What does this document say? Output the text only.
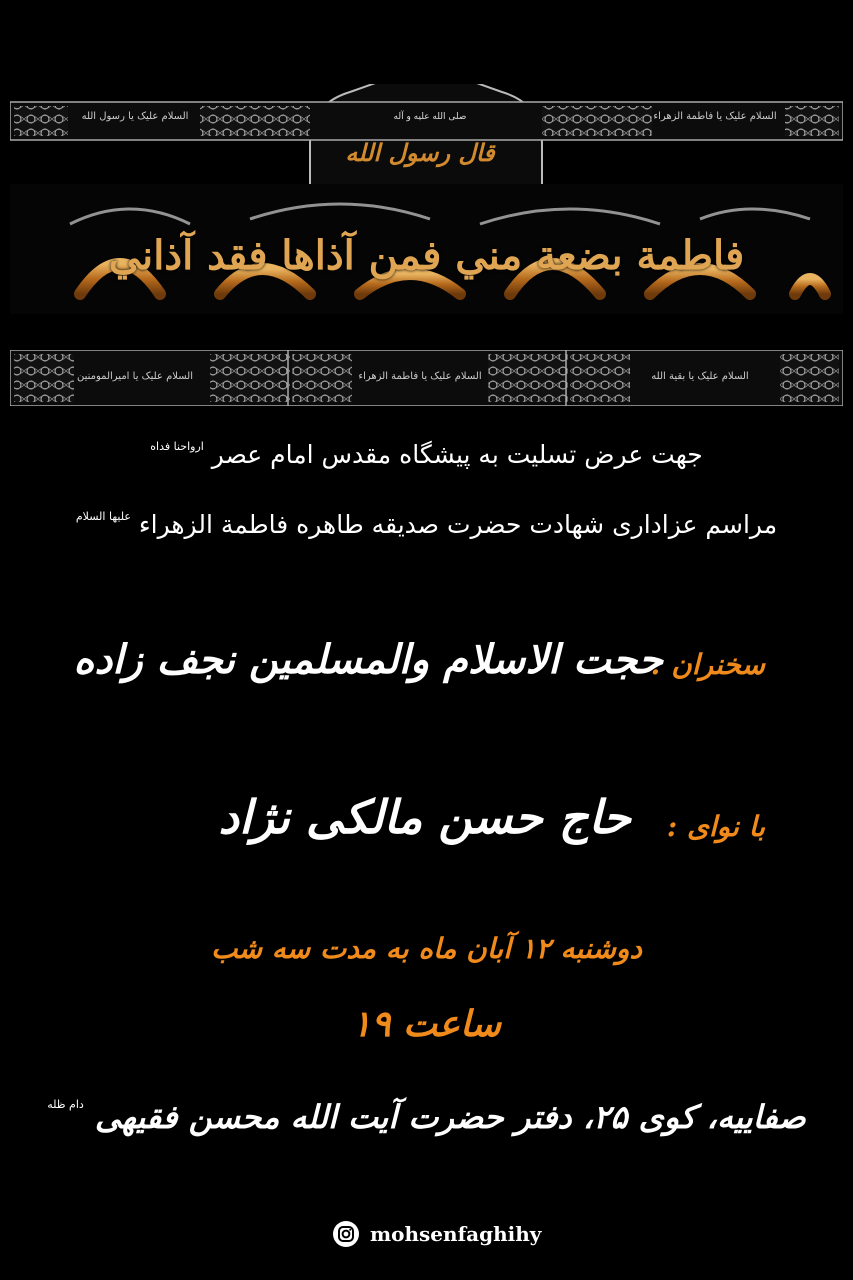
صلی الله علیه و آله
قال رسول الله
فاطمة بضعة مني فمن آذاها فقد آذاني
السلام علیک یا رسول الله	السلام علیک یا فاطمة الزهراء
السلام علیک یا امیرالمومنین	السلام علیک یا فاطمة الزهراء	السلام علیک یا بقیة الله
جهت عرض تسلیت به پیشگاه مقدس امام عصر $^{ارواحنا فداه}$
مراسم عزاداری شهادت حضرت صدیقه طاهره فاطمة الزهراء $^{علیها السلام}$
سخنران :
حجت الاسلام والمسلمین نجف زاده
با نوای :
حاج حسن مالکی نژاد
دوشنبه ۱۲ آبان ماه به مدت سه شب
ساعت ۱۹
صفاییه، کوی ۲۵، دفتر حضرت آیت الله محسن فقیهی $^{دام ظله}$
mohsenfaghihy
